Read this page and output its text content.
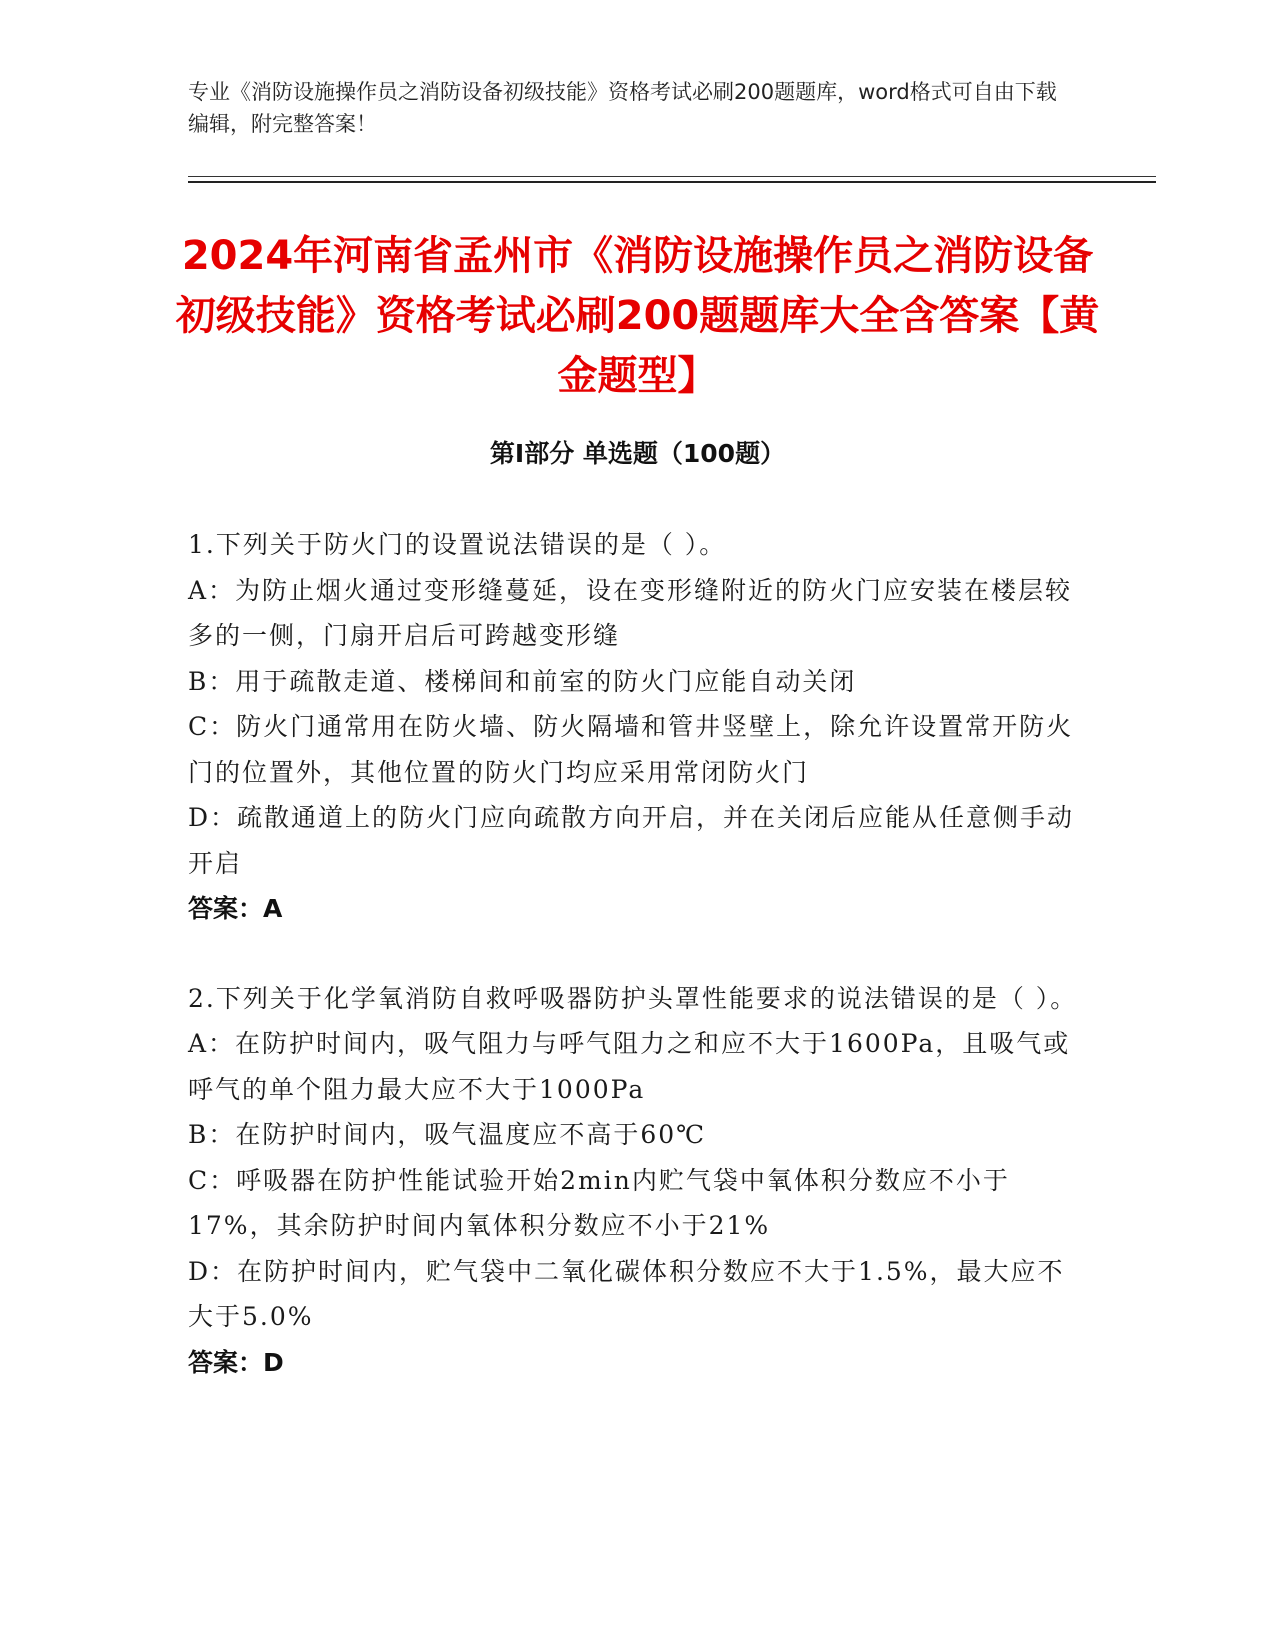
专业《消防设施操作员之消防设备初级技能》资格考试必刷200题题库，word格式可自由下载编辑，附完整答案！
2024年河南省孟州市《消防设施操作员之消防设备初级技能》资格考试必刷200题题库大全含答案【黄金题型】
第I部分 单选题（100题）
1.下列关于防火门的设置说法错误的是（ ）。
A：为防止烟火通过变形缝蔓延，设在变形缝附近的防火门应安装在楼层较多的一侧，门扇开启后可跨越变形缝
B：用于疏散走道、楼梯间和前室的防火门应能自动关闭
C：防火门通常用在防火墙、防火隔墙和管井竖壁上，除允许设置常开防火门的位置外，其他位置的防火门均应采用常闭防火门
D：疏散通道上的防火门应向疏散方向开启，并在关闭后应能从任意侧手动开启
答案：A
2.下列关于化学氧消防自救呼吸器防护头罩性能要求的说法错误的是（ ）。
A：在防护时间内，吸气阻力与呼气阻力之和应不大于1600Pa，且吸气或呼气的单个阻力最大应不大于1000Pa
B：在防护时间内，吸气温度应不高于60℃
C：呼吸器在防护性能试验开始2min内贮气袋中氧体积分数应不小于17%，其余防护时间内氧体积分数应不小于21%
D：在防护时间内，贮气袋中二氧化碳体积分数应不大于1.5%，最大应不大于5.0%
答案：D
